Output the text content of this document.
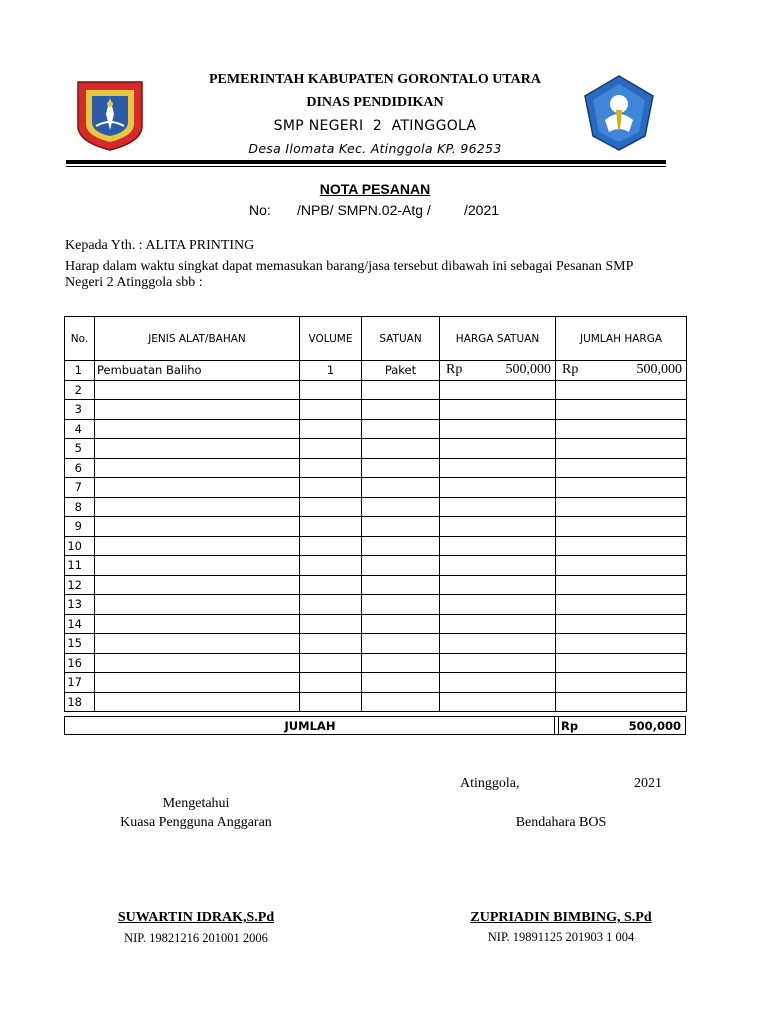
PEMERINTAH KABUPATEN GORONTALO UTARA
DINAS PENDIDIKAN
SMP NEGERI  2  ATINGGOLA
Desa Ilomata Kec. Atinggola KP. 96253
NOTA PESANAN
No: /NPB/ SMPN.02-Atg / /2021
Kepada Yth. : ALITA PRINTING
Harap dalam waktu singkat dapat memasukan barang/jasa tersebut dibawah ini sebagai Pesanan SMP Negeri 2 Atinggola sbb :
No.	JENIS ALAT/BAHAN	VOLUME	SATUAN	HARGA SATUAN	JUMLAH HARGA
1	Pembuatan Baliho	1	Paket	Rp 500,000	Rp 500,000

2					
3					
4					
5					
6					
7					
8					
9					
10					
11					
12					
13					
14					
15					
16					
17					
18					
JUMLAH	Rp	500,000
Atinggola,	2021
Mengetahui
Kuasa Pengguna Anggaran
SUWARTIN IDRAK,S.Pd
NIP. 19821216 201001 2006
Bendahara BOS
ZUPRIADIN BIMBING, S.Pd
NIP. 19891125 201903 1 004
